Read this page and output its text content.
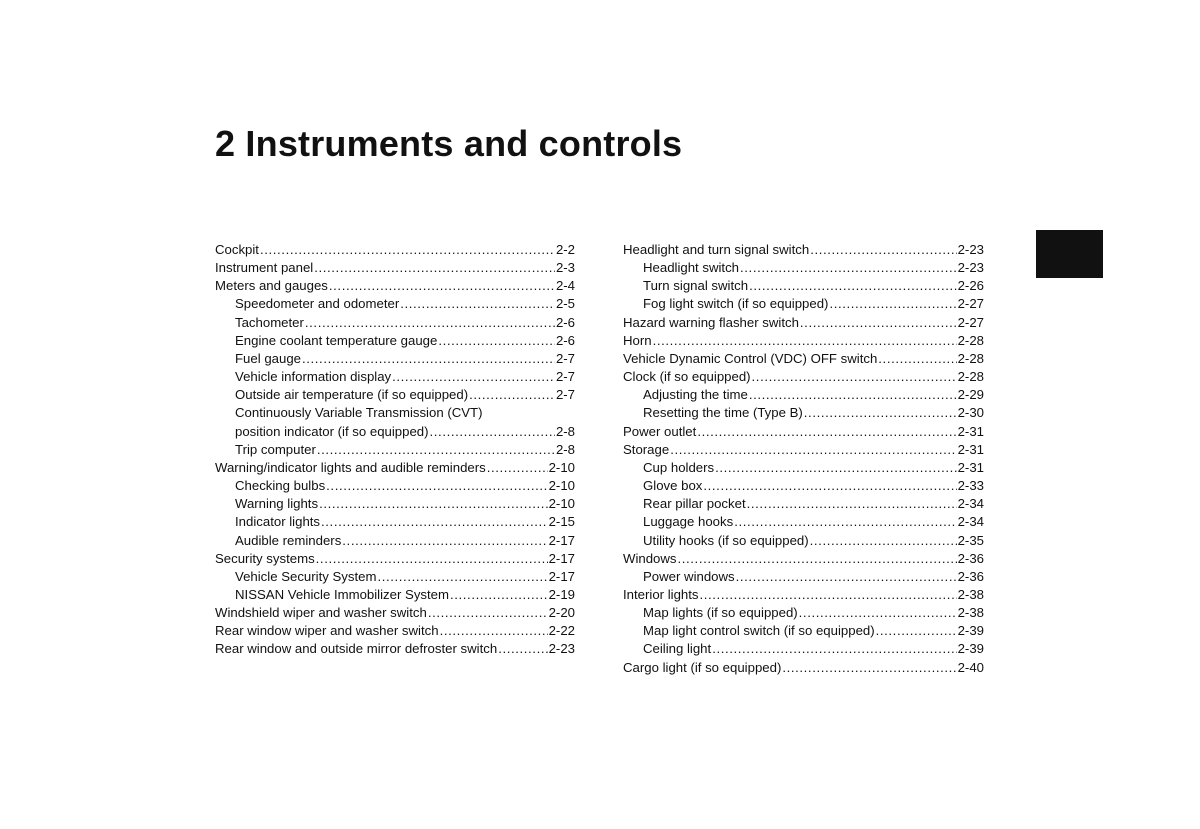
2 Instruments and controls
Cockpit .....	2-2
Instrument panel .....	2-3
Meters and gauges .....	2-4
Speedometer and odometer .....	2-5
Tachometer .....	2-6
Engine coolant temperature gauge .....	2-6
Fuel gauge .....	2-7
Vehicle information display .....	2-7
Outside air temperature (if so equipped) .....	2-7
Continuously Variable Transmission (CVT)
position indicator (if so equipped) .....	2-8
Trip computer .....	2-8
Warning/indicator lights and audible reminders .....	2-10
Checking bulbs .....	2-10
Warning lights .....	2-10
Indicator lights .....	2-15
Audible reminders .....	2-17
Security systems .....	2-17
Vehicle Security System .....	2-17
NISSAN Vehicle Immobilizer System .....	2-19
Windshield wiper and washer switch .....	2-20
Rear window wiper and washer switch .....	2-22
Rear window and outside mirror defroster switch .....	2-23
Headlight and turn signal switch .....	2-23
Headlight switch .....	2-23
Turn signal switch .....	2-26
Fog light switch (if so equipped) .....	2-27
Hazard warning flasher switch .....	2-27
Horn .....	2-28
Vehicle Dynamic Control (VDC) OFF switch .....	2-28
Clock (if so equipped) .....	2-28
Adjusting the time .....	2-29
Resetting the time (Type B) .....	2-30
Power outlet .....	2-31
Storage .....	2-31
Cup holders .....	2-31
Glove box .....	2-33
Rear pillar pocket .....	2-34
Luggage hooks .....	2-34
Utility hooks (if so equipped) .....	2-35
Windows .....	2-36
Power windows .....	2-36
Interior lights .....	2-38
Map lights (if so equipped) .....	2-38
Map light control switch (if so equipped) .....	2-39
Ceiling light .....	2-39
Cargo light (if so equipped) .....	2-40
